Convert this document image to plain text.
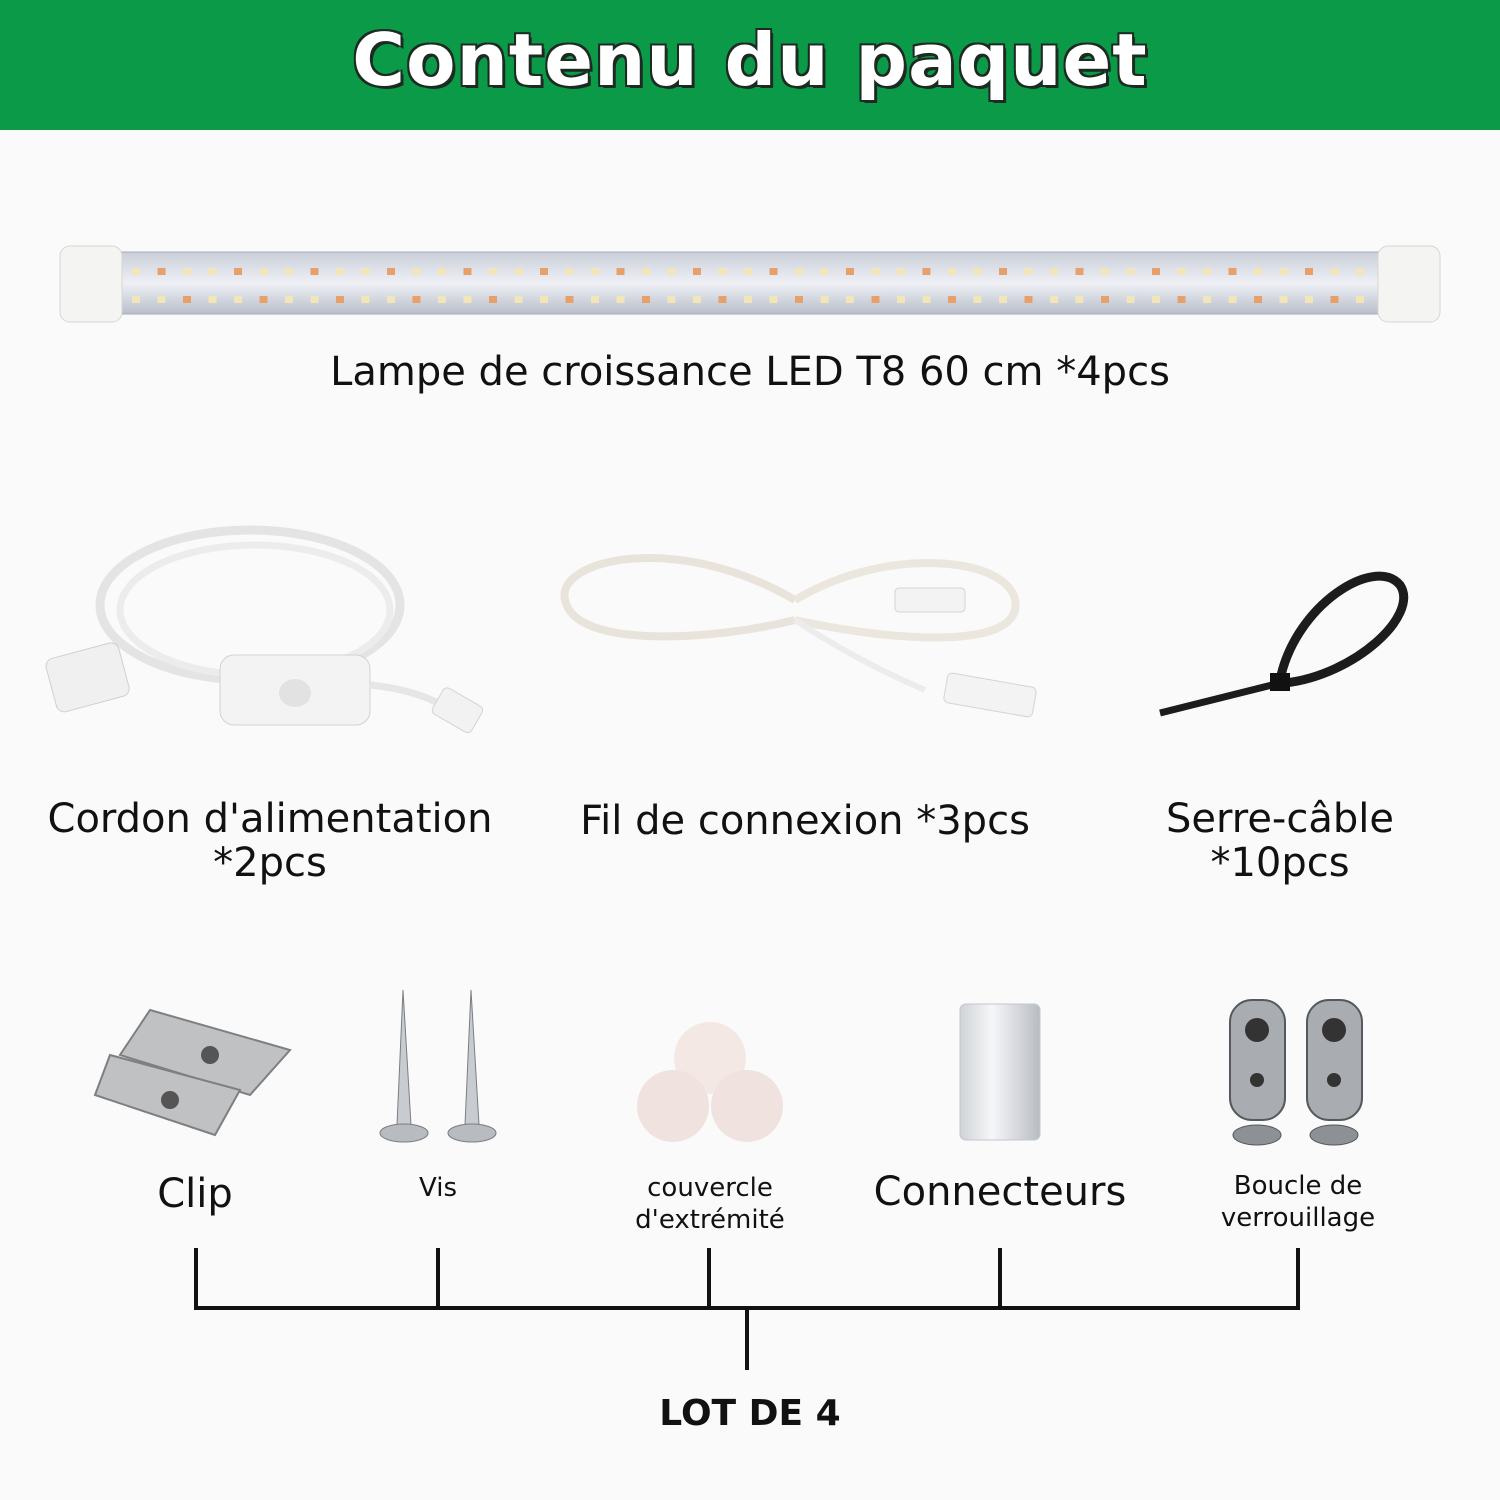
Contenu du paquet
Lampe de croissance LED T8 60 cm *4pcs
Cordon d'alimentation
*2pcs
Fil de connexion *3pcs	Serre-câble
*10pcs
Clip	Vis	couvercle
d'extrémité
Connecteurs	Boucle de
verrouillage
LOT DE 4
